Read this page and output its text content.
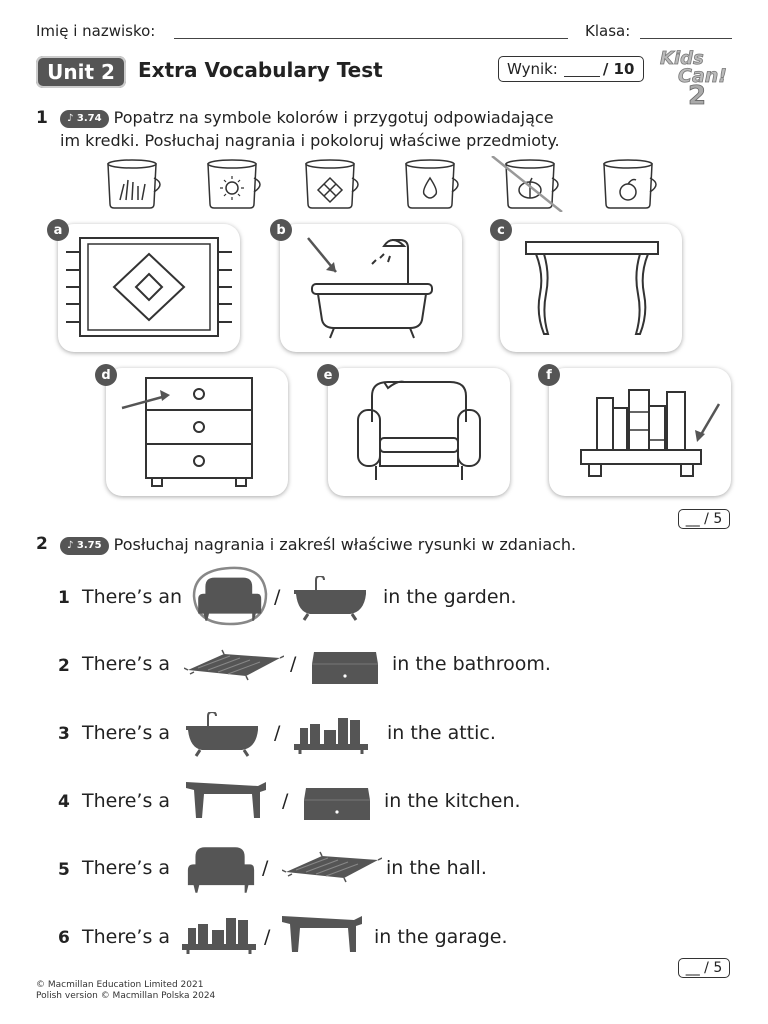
Imię i nazwisko:	Klasa:
Unit 2	Extra Vocabulary Test	Wynik:	/ 10 Kids
Can!
2
1	♪ 3.74 Popatrz na symbole kolorów i przygotuj odpowiadające
im kredki. Posłuchaj nagrania i pokoloruj właściwe przedmioty.
a	b	c
d	e	f
__ / 5
2	♪ 3.75 Posłuchaj nagrania i zakreśl właściwe rysunki w zdaniach.
1 There’s an	/	in the garden.
2 There’s a	/	in the bathroom.
3 There’s a	/	in the attic.
4 There’s a	/	in the kitchen.
5 There’s a	/	in the hall.
6 There’s a	/	in the garage.
__ / 5
© Macmillan Education Limited 2021
Polish version © Macmillan Polska 2024
